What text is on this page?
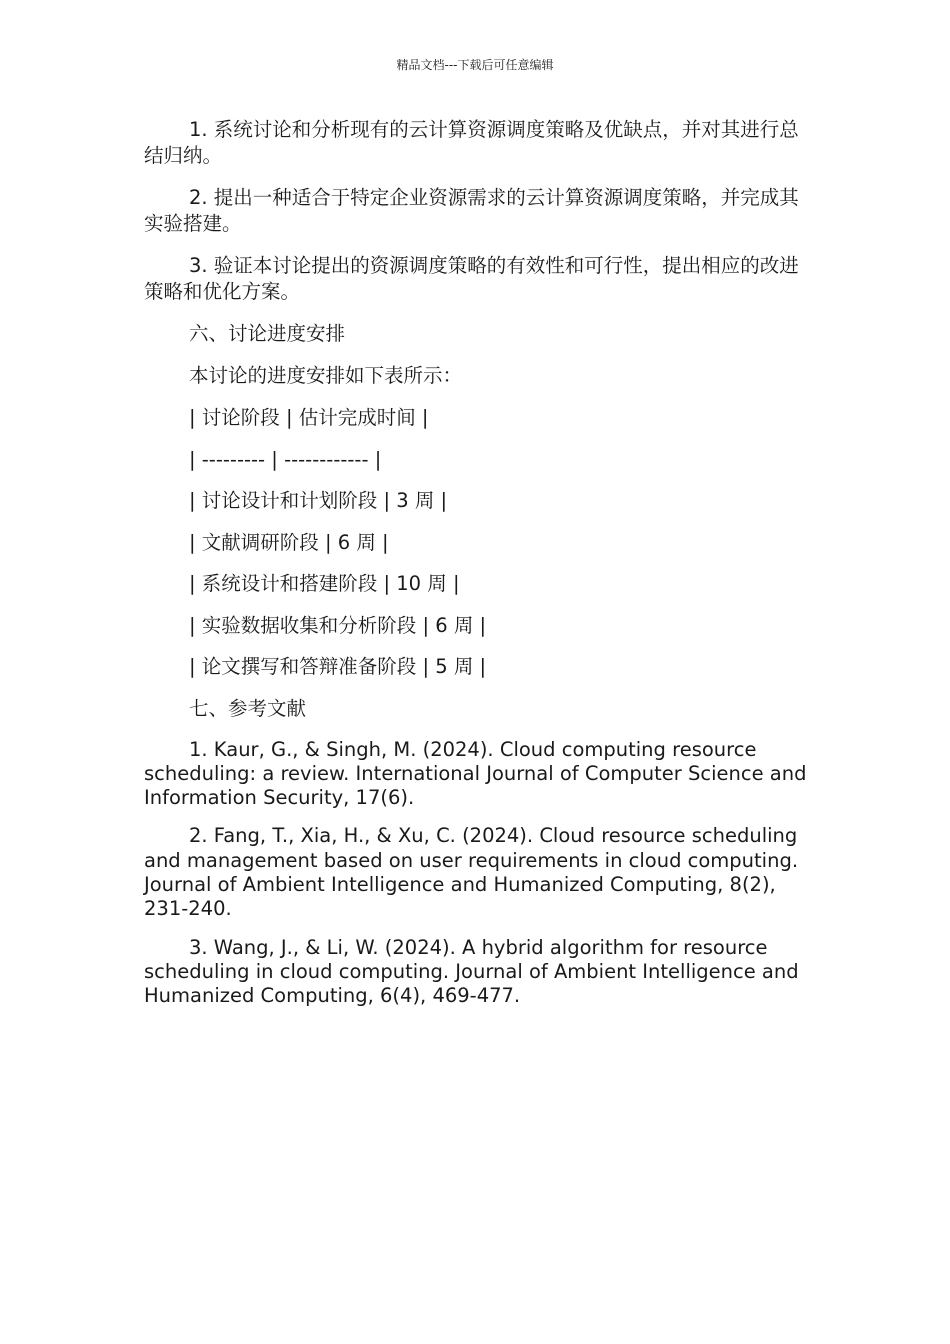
精品文档---下载后可任意编辑

1. 系统讨论和分析现有的云计算资源调度策略及优缺点，并对其进行总结归纳。

2. 提出一种适合于特定企业资源需求的云计算资源调度策略，并完成其实验搭建。

3. 验证本讨论提出的资源调度策略的有效性和可行性，提出相应的改进策略和优化方案。

六、讨论进度安排

本讨论的进度安排如下表所示：

| 讨论阶段 | 估计完成时间 |

| --------- | ------------ |

| 讨论设计和计划阶段 | 3 周 |

| 文献调研阶段 | 6 周 |

| 系统设计和搭建阶段 | 10 周 |

| 实验数据收集和分析阶段 | 6 周 |

| 论文撰写和答辩准备阶段 | 5 周 |

七、参考文献

1. Kaur, G., & Singh, M. (2024). Cloud computing resource scheduling: a review. International Journal of Computer Science and Information Security, 17(6).

2. Fang, T., Xia, H., & Xu, C. (2024). Cloud resource scheduling and management based on user requirements in cloud computing. Journal of Ambient Intelligence and Humanized Computing, 8(2), 231-240.

3. Wang, J., & Li, W. (2024). A hybrid algorithm for resource scheduling in cloud computing. Journal of Ambient Intelligence and Humanized Computing, 6(4), 469-477.
